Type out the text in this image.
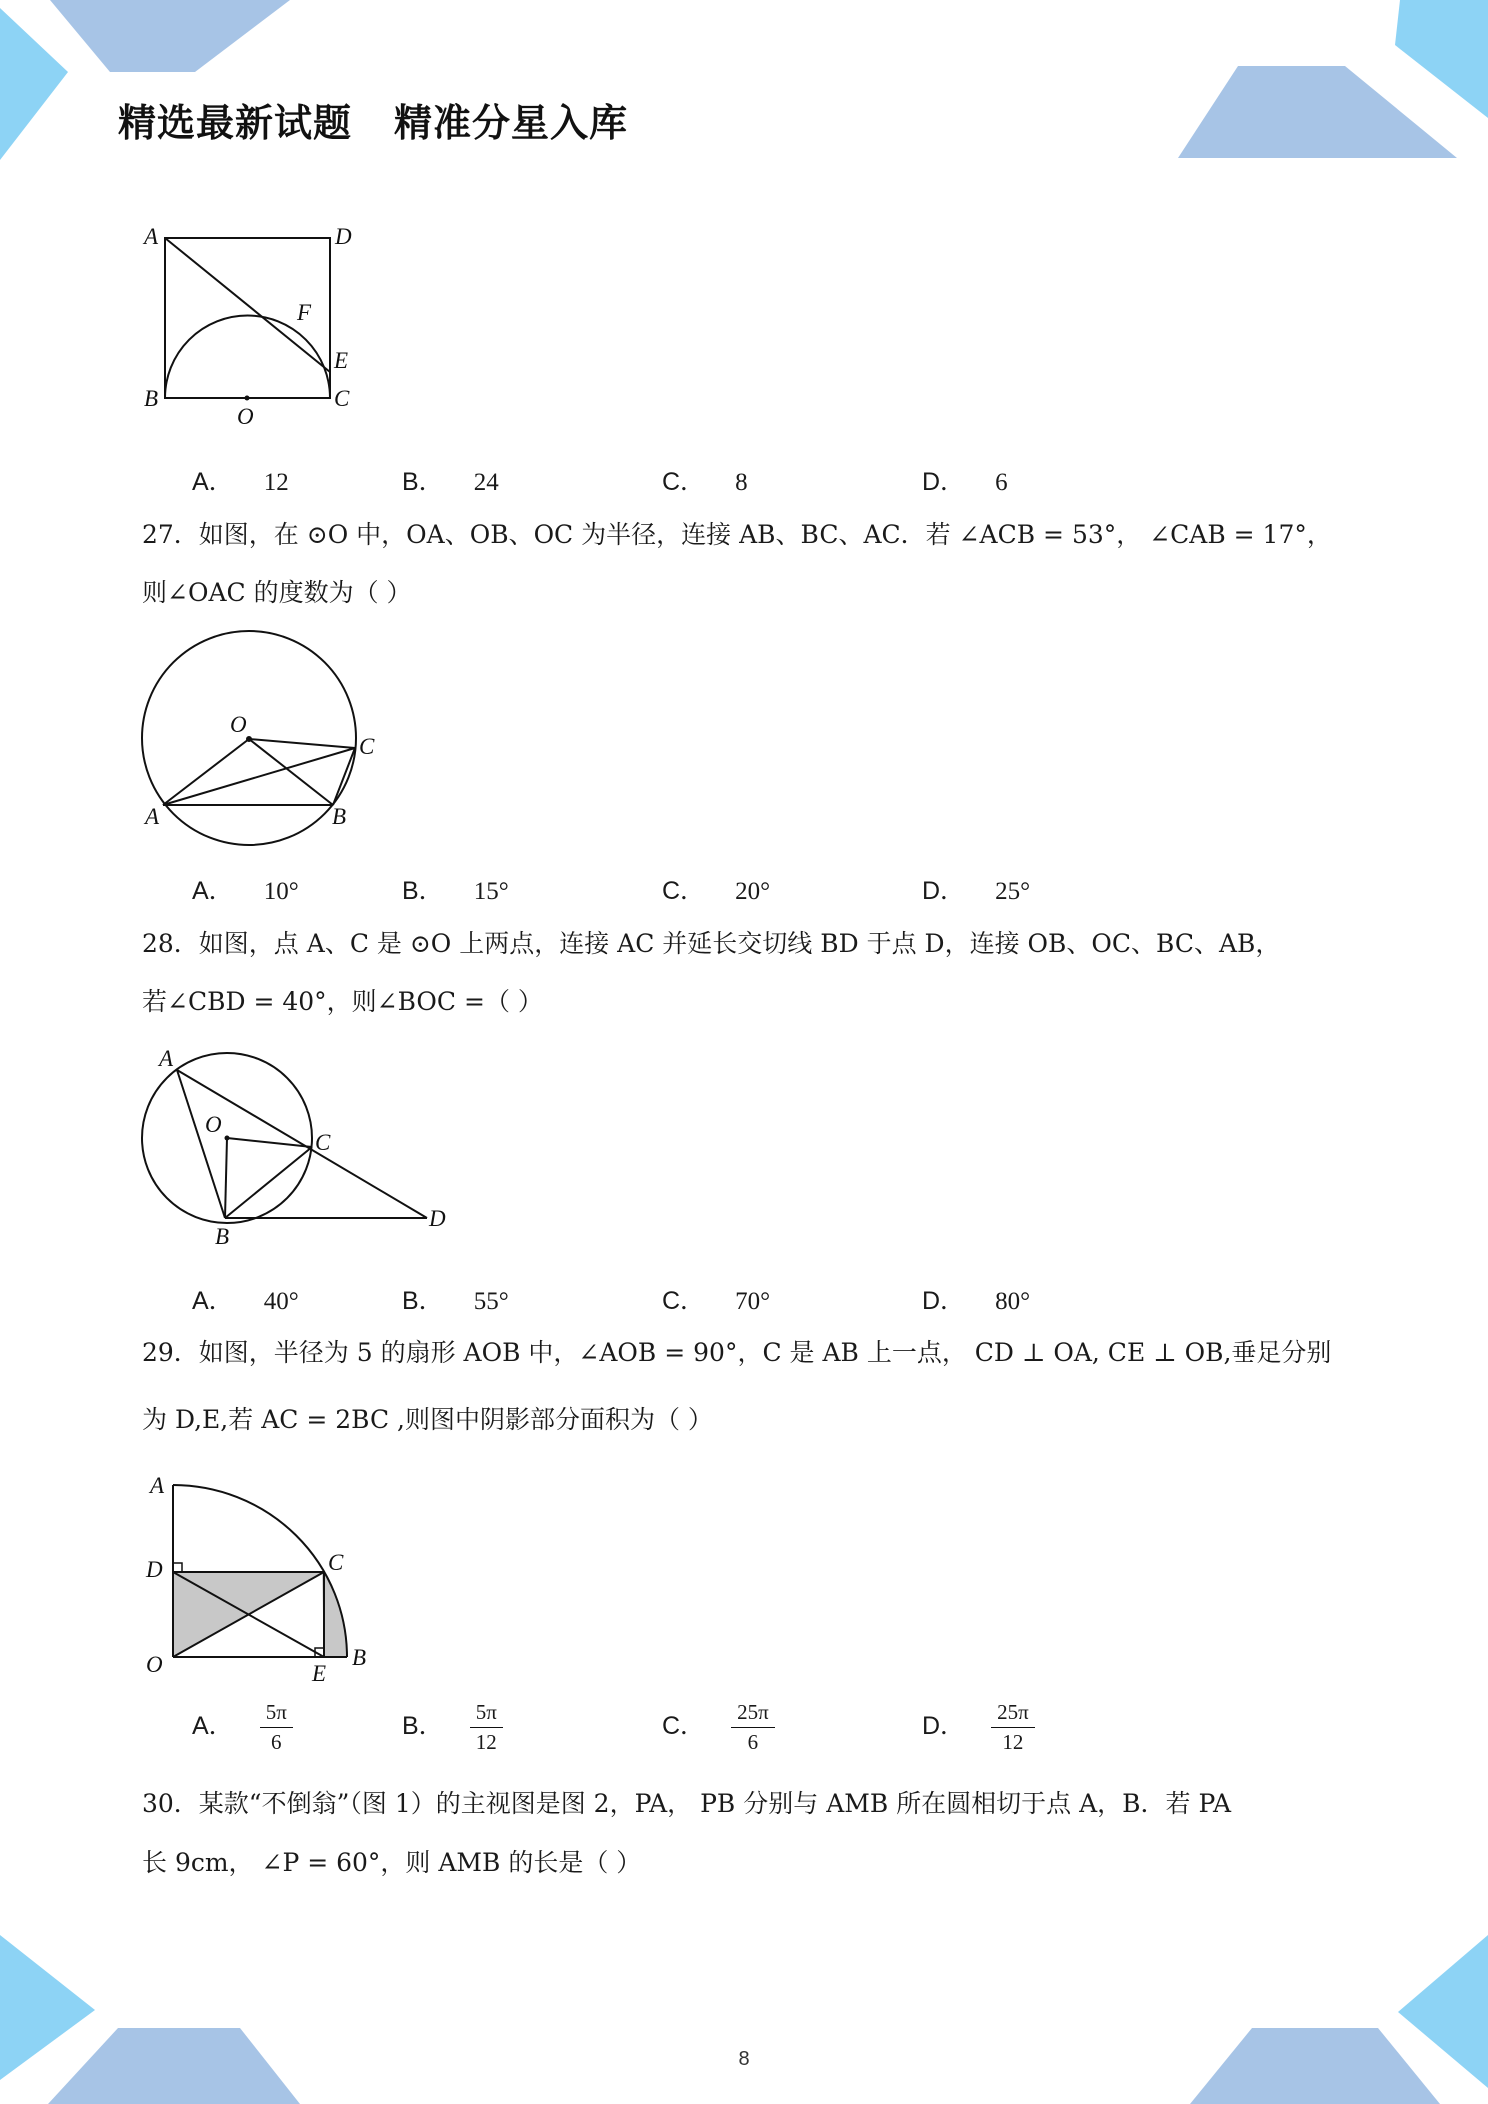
精选最新试题 精准分星入库
A	D
F
E
B	C
O
A． 12	B． 24	C． 8	D． 6
27．如图，在 ⊙O 中，OA、OB、OC 为半径，连接 AB、BC、AC．若 ∠ACB = 53°， ∠CAB = 17°，
则∠OAC 的度数为（ ）
O
C
A	B
A． 10°	B． 15°	C． 20°	D． 25°
28．如图，点 A、C 是 ⊙O 上两点，连接 AC 并延长交切线 BD 于点 D，连接 OB、OC、BC、AB，
若∠CBD = 40°，则∠BOC =（ ）
A
O
C
B
D
A． 40°	B． 55°	C． 70°	D． 80°
29．如图，半径为 5 的扇形 AOB 中，∠AOB = 90°，C 是 AB 上一点， CD ⊥ OA, CE ⊥ OB,垂足分别
为 D,E,若 AC = 2BC ,则图中阴影部分面积为（ ）
A
D	C
O	E
B
A． $\frac{5\pi}{6}$	B． $\frac{5\pi}{12}$	C． $\frac{25\pi}{6}$	D． $\frac{25\pi}{12}$
30．某款“不倒翁”（图 1）的主视图是图 2，PA， PB 分别与 AMB 所在圆相切于点 A，B．若 PA
长 9cm， ∠P = 60°，则 AMB 的长是（ ）
8
